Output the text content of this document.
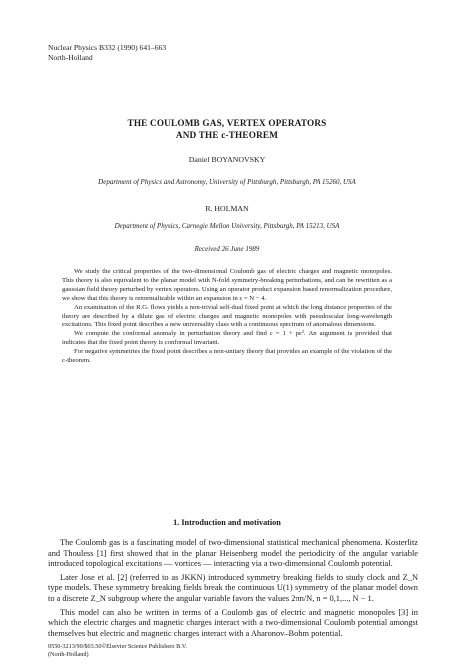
Nuclear Physics B332 (1990) 641–663
North-Holland
THE COULOMB GAS, VERTEX OPERATORS
AND THE c-THEOREM
Daniel BOYANOVSKY
Department of Physics and Astronomy, University of Pittsburgh, Pittsburgh, PA 15260, USA
R. HOLMAN
Department of Physics, Carnegie Mellon University, Pittsburgh, PA 15213, USA
Received 26 June 1989

We study the critical properties of the two-dimensional Coulomb gas of electric charges and magnetic monopoles. This theory is also equivalent to the planar model with N-fold symmetry-breaking perturbations, and can be rewritten as a gaussian field theory perturbed by vertex operators. Using an operator product expansion based renormalization procedure, we show that this theory is renormalizable within an expansion in ε = N − 4.

An examination of the R.G. flows yields a non-trivial self-dual fixed point at which the long distance properties of the theory are described by a dilute gas of electric charges and magnetic monopoles with pseudoscalar long-wavelength excitations. This fixed point describes a new universality class with a continuous spectrum of anomalous dimensions.

We compute the conformal anomaly in perturbation theory and find c = 1 + pε². An argument is provided that indicates that the fixed point theory is conformal invariant.

For negative symmetries the fixed point describes a non-unitary theory that provides an example of the violation of the c-theorem.

1. Introduction and motivation

The Coulomb gas is a fascinating model of two-dimensional statistical mechanical phenomena. Kosterlitz and Thouless [1] first showed that in the planar Heisenberg model the periodicity of the angular variable introduced topological excitations — vortices — interacting via a two-dimensional Coulomb potential.

Later Jose et al. [2] (referred to as JKKN) introduced symmetry breaking fields to study clock and Z_N type models. These symmetry breaking fields break the continuous U(1) symmetry of the planar model down to a discrete Z_N subgroup where the angular variable favors the values 2πn/N, n = 0,1,..., N − 1.

This model can also be written in terms of a Coulomb gas of electric and magnetic monopoles [3] in which the electric charges and magnetic charges interact with a two-dimensional Coulomb potential amongst themselves but electric and magnetic charges interact with a Aharonov–Bohm potential.

0550-3213/90/$03.50©Elsevier Science Publishers B.V.
(North-Holland)
